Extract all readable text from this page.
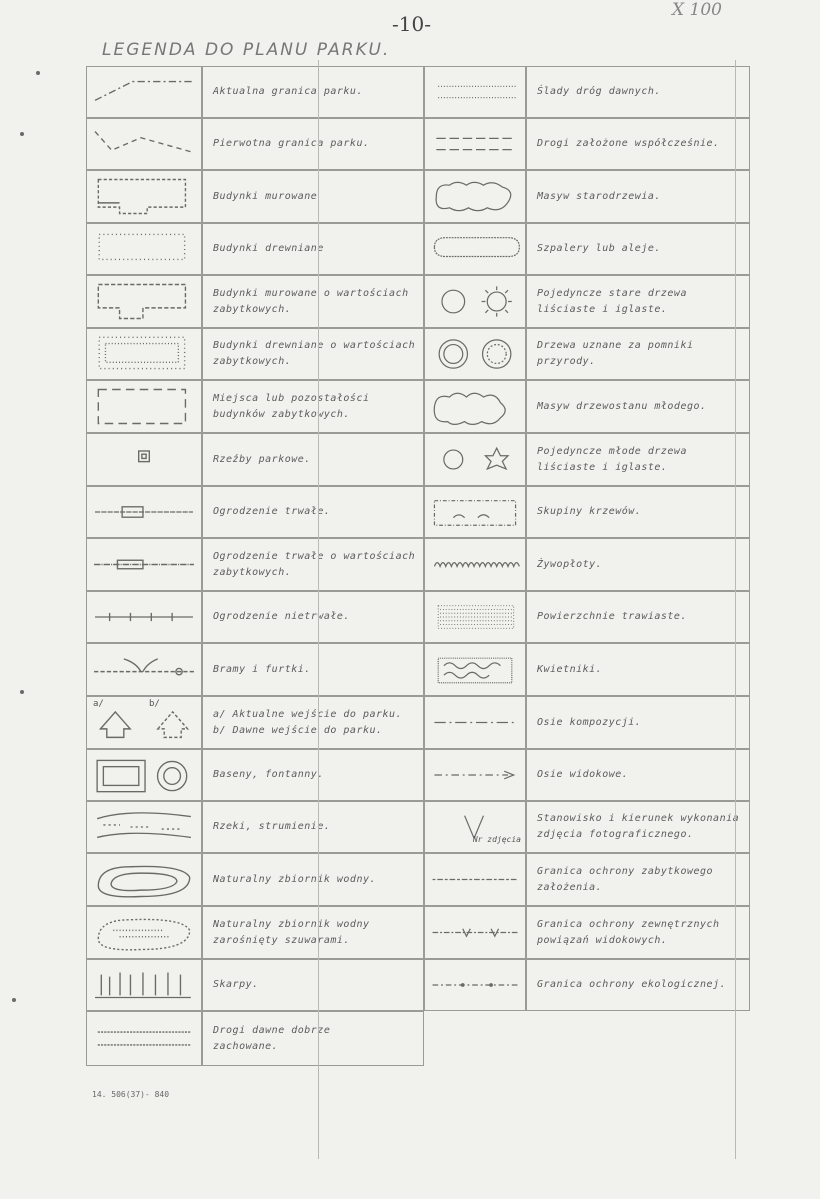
-10-
X 100
LEGENDA DO PLANU PARKU.
Aktualna granica parku.
Pierwotna granica parku.
Budynki murowane
Budynki drewniane
Budynki murowane o wartościach
zabytkowych.
Budynki drewniane o wartościach
zabytkowych.
Miejsca lub pozostałości
budynków zabytkowych.
Rzeźby parkowe.
Ogrodzenie trwałe.
Ogrodzenie trwałe o wartościach
zabytkowych.
Ogrodzenie nietrwałe.
Bramy i furtki.
a/	b/
a/ Aktualne wejście do parku.
b/ Dawne wejście do parku.
Baseny, fontanny.
Rzeki, strumienie.
Naturalny zbiornik wodny.
Naturalny zbiornik wodny
zarośnięty szuwarami.
Skarpy.
Drogi dawne dobrze
zachowane.
Ślady dróg dawnych.
Drogi założone współcześnie.
Masyw starodrzewia.
Szpalery lub aleje.
Pojedyncze stare drzewa
liściaste i iglaste.
Drzewa uznane za pomniki
przyrody.
Masyw drzewostanu młodego.
Pojedyncze młode drzewa
liściaste i iglaste.
Skupiny krzewów.
Żywopłoty.
Powierzchnie trawiaste.
Kwietniki.
Osie kompozycji.
Osie widokowe.
Nr zdjęcia
Stanowisko i kierunek wykonania
zdjęcia fotograficznego.
Granica ochrony zabytkowego
założenia.
Granica ochrony zewnętrznych
powiązań widokowych.
Granica ochrony ekologicznej.
14. 506(37)- 840
